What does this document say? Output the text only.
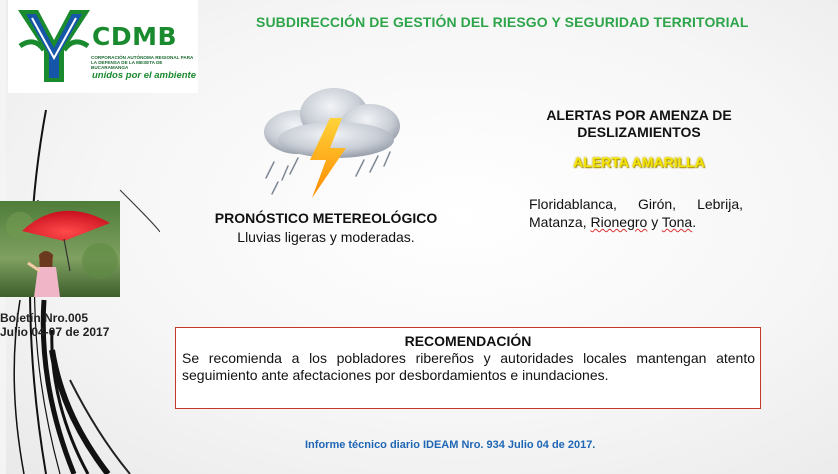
CDMB
CORPORACIÓN AUTÓNOMA REGIONAL PARA LA DEFENSA DE LA MESETA DE BUCARAMANGA
unidos por el ambiente
SUBDIRECCIÓN DE GESTIÓN DEL RIESGO Y SEGURIDAD TERRITORIAL
Boletín Nro.005
Julio 04-07 de 2017
PRONÓSTICO METEREOLÓGICO
Lluvias ligeras y moderadas.
ALERTAS POR AMENZA DE DESLIZAMIENTOS
ALERTA AMARILLA
Floridablanca, Girón, Lebrija, Matanza, Rionegro y Tona.
RECOMENDACIÓN
Se recomienda a los pobladores ribereños y autoridades locales mantengan atento seguimiento ante afectaciones por desbordamientos e inundaciones.
Informe técnico diario IDEAM Nro. 934 Julio 04 de 2017.
